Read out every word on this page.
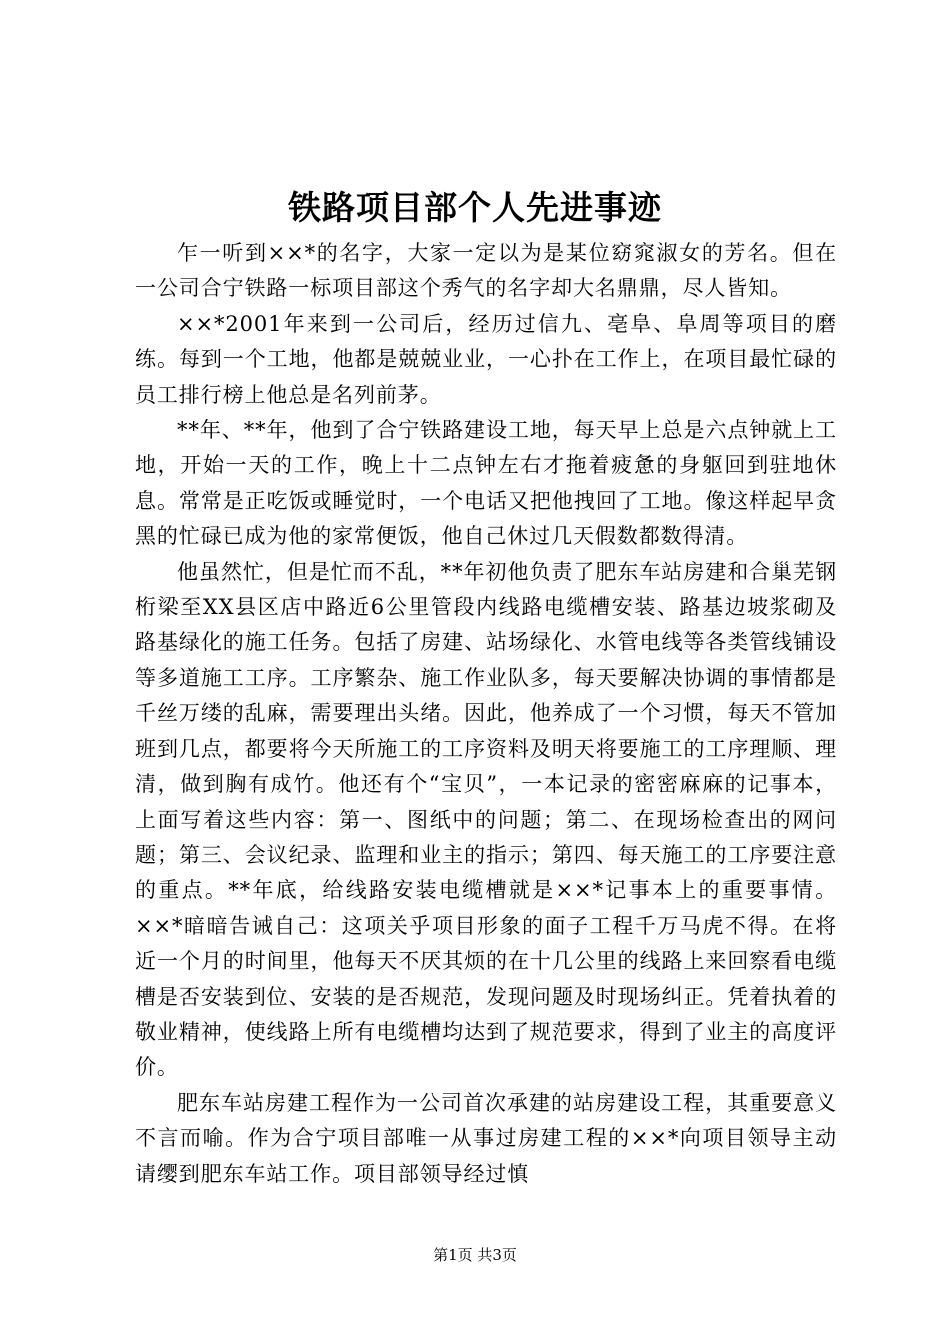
铁路项目部个人先进事迹

乍一听到××*的名字，大家一定以为是某位窈窕淑女的芳名。但在一公司合宁铁路一标项目部这个秀气的名字却大名鼎鼎，尽人皆知。

××*2001年来到一公司后，经历过信九、亳阜、阜周等项目的磨练。每到一个工地，他都是兢兢业业，一心扑在工作上，在项目最忙碌的员工排行榜上他总是名列前茅。

**年、**年，他到了合宁铁路建设工地，每天早上总是六点钟就上工地，开始一天的工作，晚上十二点钟左右才拖着疲惫的身躯回到驻地休息。常常是正吃饭或睡觉时，一个电话又把他拽回了工地。像这样起早贪黑的忙碌已成为他的家常便饭，他自己休过几天假数都数得清。

他虽然忙，但是忙而不乱，**年初他负责了肥东车站房建和合巢芜钢桁梁至XX县区店中路近6公里管段内线路电缆槽安装、路基边坡浆砌及路基绿化的施工任务。包括了房建、站场绿化、水管电线等各类管线铺设等多道施工工序。工序繁杂、施工作业队多，每天要解决协调的事情都是千丝万缕的乱麻，需要理出头绪。因此，他养成了一个习惯，每天不管加班到几点，都要将今天所施工的工序资料及明天将要施工的工序理顺、理清，做到胸有成竹。他还有个“宝贝”，一本记录的密密麻麻的记事本，上面写着这些内容：第一、图纸中的问题；第二、在现场检查出的网问题；第三、会议纪录、监理和业主的指示；第四、每天施工的工序要注意的重点。**年底，给线路安装电缆槽就是××*记事本上的重要事情。××*暗暗告诫自己：这项关乎项目形象的面子工程千万马虎不得。在将近一个月的时间里，他每天不厌其烦的在十几公里的线路上来回察看电缆槽是否安装到位、安装的是否规范，发现问题及时现场纠正。凭着执着的敬业精神，使线路上所有电缆槽均达到了规范要求，得到了业主的高度评价。

肥东车站房建工程作为一公司首次承建的站房建设工程，其重要意义不言而喻。作为合宁项目部唯一从事过房建工程的××*向项目领导主动请缨到肥东车站工作。项目部领导经过慎

第1页 共3页
